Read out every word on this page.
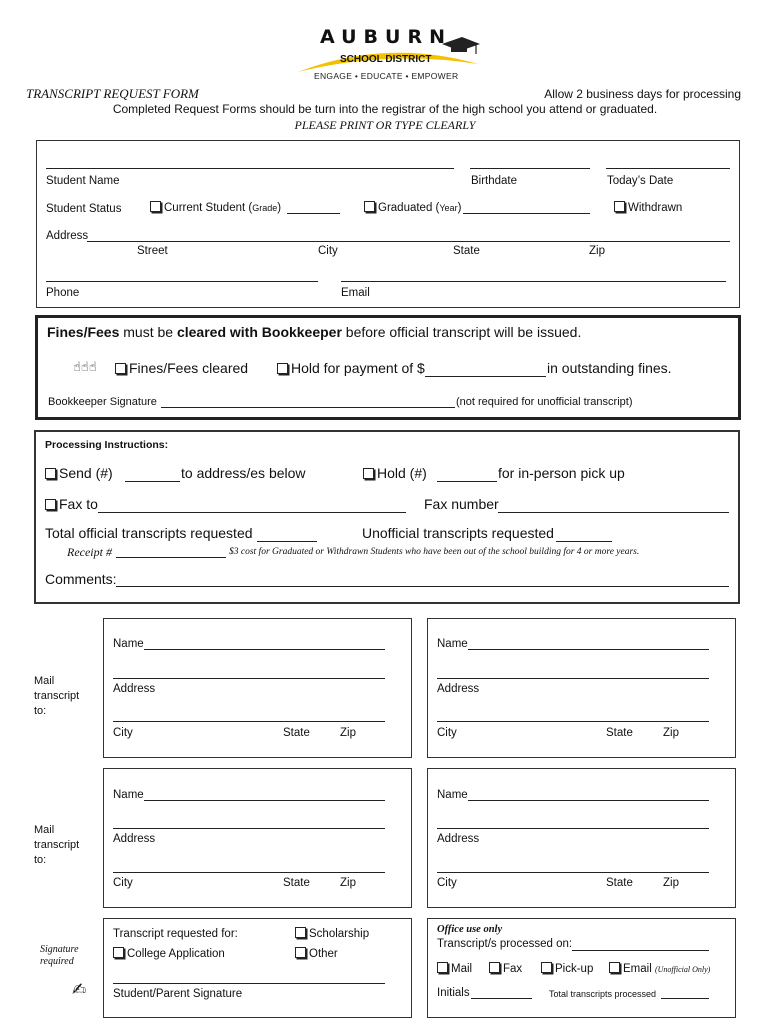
AUBURN
SCHOOL DISTRICT
ENGAGE • EDUCATE • EMPOWER
TRANSCRIPT REQUEST FORM	Allow 2 business days for processing
Completed Request Forms should be turn into the registrar of the high school you attend or graduated.
PLEASE PRINT OR TYPE CLEARLY
Student Name	Birthdate	Today’s Date
Student Status	Current Student (Grade)	Graduated (Year)	Withdrawn
Address
Street	City	State	Zip
Phone	Email
Fines/Fees must be cleared with Bookkeeper before official transcript will be issued.
☝☝☝	Fines/Fees cleared	Hold for payment of $	in outstanding fines.
Bookkeeper Signature	(not required for unofficial transcript)
Processing Instructions:
Send (#)	to address/es below	Hold (#)	for in-person pick up
Fax to	Fax number
Total official transcripts requested	Unofficial transcripts requested
Receipt #	$3 cost for Graduated or Withdrawn Students who have been out of the school building for 4 or more years.
Comments:
Mail
transcript
to:
Mail
transcript
to:
Name
Address
City	State	Zip
Name
Address
City	State	Zip
Name
Address
City	State	Zip
Name
Address
City	State	Zip
Signature
required
✍
Transcript requested for:	Scholarship
College Application	Other
Student/Parent Signature
Office use only
Transcript/s processed on:
Mail	Fax	Pick-up	Email (Unofficial Only)
Initials	Total transcripts processed
